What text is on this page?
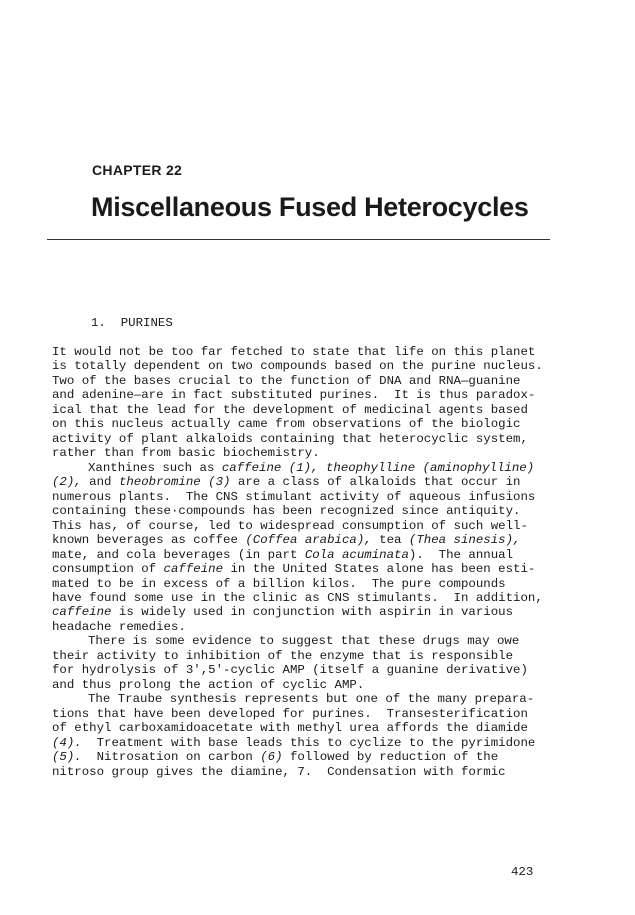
CHAPTER 22
Miscellaneous Fused Heterocycles
1.  PURINES
It would not be too far fetched to state that life on this planet
is totally dependent on two compounds based on the purine nucleus.
Two of the bases crucial to the function of DNA and RNA—guanine
and adenine—are in fact substituted purines.  It is thus paradox-
ical that the lead for the development of medicinal agents based
on this nucleus actually came from observations of the biologic
activity of plant alkaloids containing that heterocyclic system,
rather than from basic biochemistry.
Xanthines such as caffeine (1), theophylline (aminophylline)
(2), and theobromine (3) are a class of alkaloids that occur in
numerous plants.  The CNS stimulant activity of aqueous infusions
containing these·compounds has been recognized since antiquity.
This has, of course, led to widespread consumption of such well-
known beverages as coffee (Coffea arabica), tea (Thea sinesis),
mate, and cola beverages (in part Cola acuminata).  The annual
consumption of caffeine in the United States alone has been esti-
mated to be in excess of a billion kilos.  The pure compounds
have found some use in the clinic as CNS stimulants.  In addition,
caffeine is widely used in conjunction with aspirin in various
headache remedies.
There is some evidence to suggest that these drugs may owe
their activity to inhibition of the enzyme that is responsible
for hydrolysis of 3',5'-cyclic AMP (itself a guanine derivative)
and thus prolong the action of cyclic AMP.
The Traube synthesis represents but one of the many prepara-
tions that have been developed for purines.  Transesterification
of ethyl carboxamidoacetate with methyl urea affords the diamide
(4).  Treatment with base leads this to cyclize to the pyrimidone
(5).  Nitrosation on carbon (6) followed by reduction of the
nitroso group gives the diamine, 7.  Condensation with formic
423
